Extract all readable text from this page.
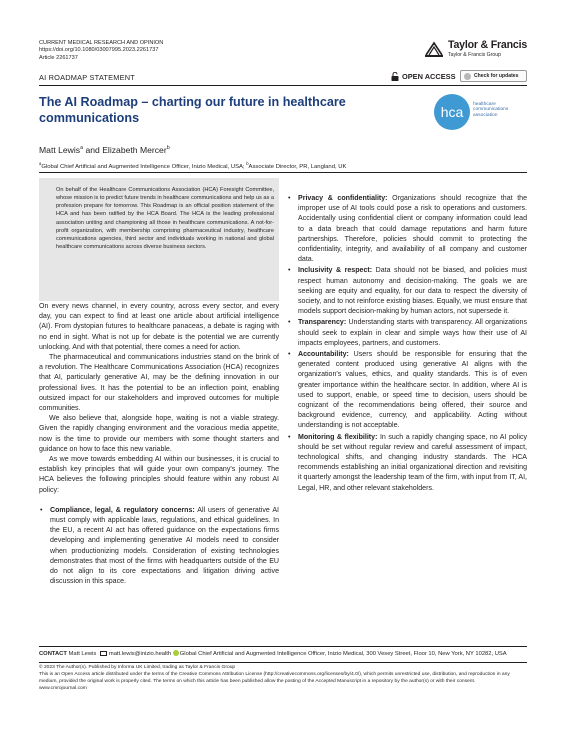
CURRENT MEDICAL RESEARCH AND OPINION
https://doi.org/10.1080/03007995.2023.2261737
Article 2261737
Taylor & Francis
Taylor & Francis Group
AI ROADMAP STATEMENT	OPEN ACCESS	Check for updates
The AI Roadmap – charting our future in healthcare communications	hca	healthcare
communications
association
Matt Lewis$^a$ and Elizabeth Mercer$^b$
$^a$Global Chief Artificial and Augmented Intelligence Officer, Inizio Medical, USA; $^b$Associate Director, PR, Langland, UK

On behalf of the Healthcare Communications Association (HCA) Foresight Committee, whose mission is to predict future trends in healthcare communications and help us as a profession prepare for tomorrow. This Roadmap is an official position statement of the HCA and has been ratified by the HCA Board. The HCA is the leading professional association uniting and championing all those in healthcare communications. A not-for-profit organization, with membership comprising pharmaceutical industry, healthcare communications agencies, third sector and individuals working in national and global healthcare communications across diverse business sectors.

On every news channel, in every country, across every sector, and every day, you can expect to find at least one article about artificial intelligence (AI). From dystopian futures to healthcare panaceas, a debate is raging with no end in sight. What is not up for debate is the potential we are currently unlocking. And with that potential, there comes a need for action.

The pharmaceutical and communications industries stand on the brink of a revolution. The Healthcare Communications Association (HCA) recognizes that AI, particularly generative AI, may be the defining innovation in our professional lives. It has the potential to be an inflection point, enabling outsized impact for our stakeholders and improved outcomes for multiple communities.

We also believe that, alongside hope, waiting is not a viable strategy. Given the rapidly changing environment and the voracious media appetite, now is the time to provide our members with some thought starters and guidance on how to face this new variable.

As we move towards embedding AI within our businesses, it is crucial to establish key principles that will guide your own company's journey. The HCA believes the following principles should feature within any robust AI policy:

• Compliance, legal, & regulatory concerns: All users of generative AI must comply with applicable laws, regulations, and ethical guidelines. In the EU, a recent AI act has offered guidance on the expectations firms developing and implementing generative AI models need to consider when productionizing models. Consideration of existing technologies demonstrates that most of the firms with headquarters outside of the EU do not align to its core expectations and litigation driving active discussion in this space.
• Privacy & confidentiality: Organizations should recognize that the improper use of AI tools could pose a risk to operations and customers. Accidentally using confidential client or company information could lead to a data breach that could damage reputations and harm future partnerships. Therefore, policies should commit to protecting the confidentiality, integrity, and availability of all company and customer data.
• Inclusivity & respect: Data should not be biased, and policies must respect human autonomy and decision-making. The goals we are seeking are equity and equality, for our data to respect the diversity of society, and to not reinforce existing biases. Equally, we must ensure that models support decision-making by human actors, not supersede it.
• Transparency: Understanding starts with transparency. All organizations should seek to explain in clear and simple ways how their use of AI impacts employees, partners, and customers.
• Accountability: Users should be responsible for ensuring that the generated content produced using generative AI aligns with the organization's values, ethics, and quality standards. This is of even greater importance within the healthcare sector. In addition, where AI is used to support, enable, or speed time to decision, users should be cognizant of the recommendations being offered, their source and background evidence, currency, and applicability. Acting without understanding is not acceptable.
• Monitoring & flexibility: In such a rapidly changing space, no AI policy should be set without regular review and careful assessment of impact, technological shifts, and changing industry standards. The HCA recommends establishing an initial organizational direction and revisiting it quarterly amongst the leadership team of the firm, with input from IT, AI, Legal, HR, and other relevant stakeholders.
CONTACT Matt Lewis matt.lewis@inizio.health Global Chief Artificial and Augmented Intelligence Officer, Inizio Medical, 300 Vesey Street, Floor 10, New York, NY 10282, USA
© 2023 The Author(s). Published by Informa UK Limited, trading as Taylor & Francis Group
This is an Open Access article distributed under the terms of the Creative Commons Attribution License (http://creativecommons.org/licenses/by/4.0/), which permits unrestricted use, distribution, and reproduction in any medium, provided the original work is properly cited. The terms on which this article has been published allow the posting of the Accepted Manuscript in a repository by the author(s) or with their consent.
www.cmrojournal.com
